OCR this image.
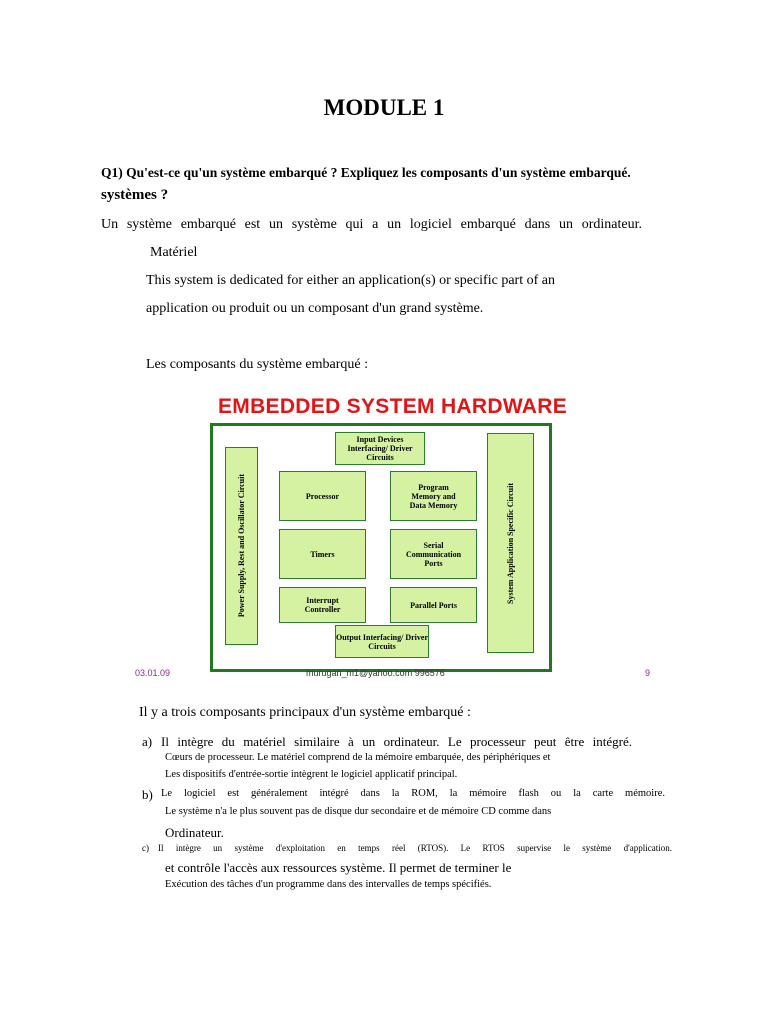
MODULE 1
Q1) Qu'est-ce qu'un système embarqué ? Expliquez les composants d'un système embarqué.
systèmes ?
Un système embarqué est un système qui a un logiciel embarqué dans un ordinateur.
Matériel
This system is dedicated for either an application(s) or specific part of an
application ou produit ou un composant d'un grand système.
Les composants du système embarqué :
EMBEDDED SYSTEM HARDWARE
Power Supply, Rest and Oscillator Circuit	System Application Specific Circuit
Input Devices Interfacing/ Driver Circuits
Processor
Program Memory and Data Memory
Timers
Serial Communication Ports
Interrupt Controller	Parallel Ports
Output Interfacing/ Driver Circuits
03.01.09	murugan_m1@yahoo.com 996576	9
Il y a trois composants principaux d'un système embarqué :
a) Il intègre du matériel similaire à un ordinateur. Le processeur peut être intégré.
Cœurs de processeur. Le matériel comprend de la mémoire embarquée, des périphériques et
Les dispositifs d'entrée-sortie intègrent le logiciel applicatif principal.
b) Le logiciel est généralement intégré dans la ROM, la mémoire flash ou la carte mémoire.
Le système n'a le plus souvent pas de disque dur secondaire et de mémoire CD comme dans
Ordinateur.
c) Il intègre un système d'exploitation en temps réel (RTOS). Le RTOS supervise le système d'application.
et contrôle l'accès aux ressources système. Il permet de terminer le
Exécution des tâches d'un programme dans des intervalles de temps spécifiés.
